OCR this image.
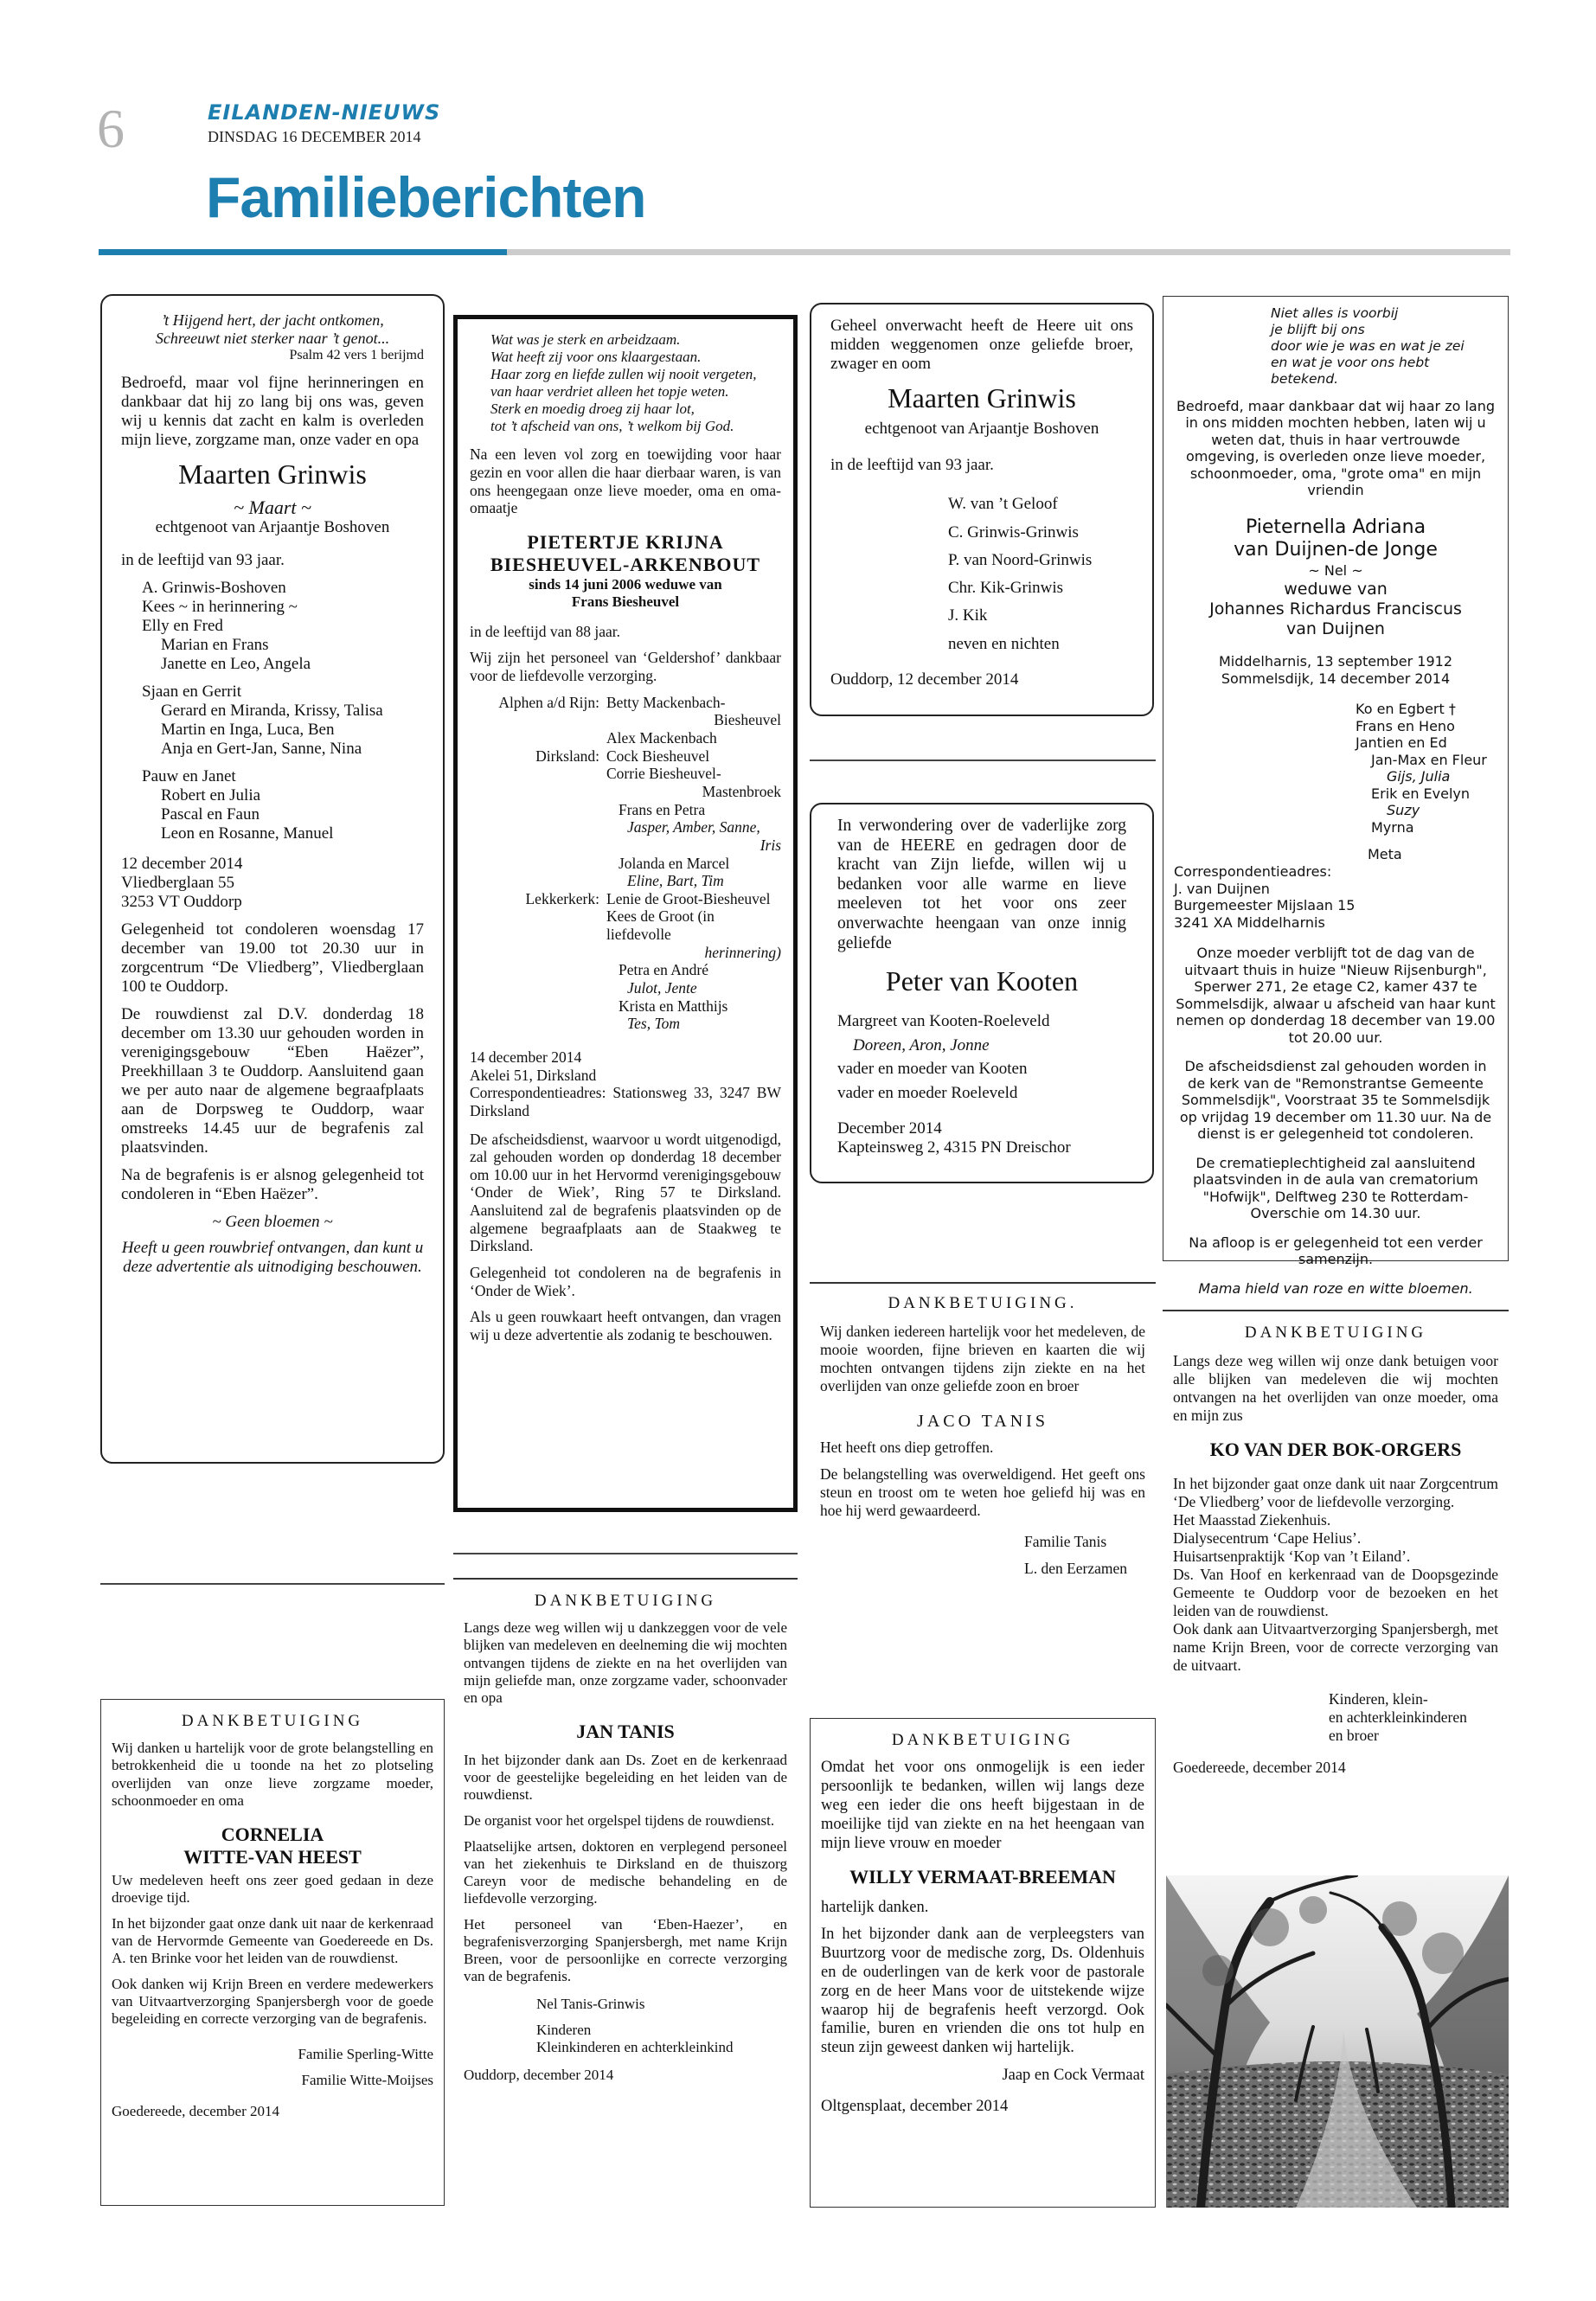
6	EILANDEN-NIEUWS
DINSDAG 16 DECEMBER 2014
Familieberichten
’t Hijgend hert, der jacht ontkomen,
Schreeuwt niet sterker naar ’t genot...
Psalm 42 vers 1 berijmd

Bedroefd, maar vol fijne herinneringen en dankbaar dat hij zo lang bij ons was, geven wij u kennis dat zacht en kalm is overleden mijn lieve, zorgzame man, onze vader en opa

Maarten Grinwis
~ Maart ~
echtgenoot van Arjaantje Boshoven

in de leeftijd van 93 jaar.

A. Grinwis-Boshoven
Kees ~ in herinnering ~
Elly en Fred
Marian en Frans
Janette en Leo, Angela
Sjaan en Gerrit
Gerard en Miranda, Krissy, Talisa
Martin en Inga, Luca, Ben
Anja en Gert-Jan, Sanne, Nina
Pauw en Janet
Robert en Julia
Pascal en Faun
Leon en Rosanne, Manuel
12 december 2014
Vliedberglaan 55
3253 VT Ouddorp

Gelegenheid tot condoleren woensdag 17 december van 19.00 tot 20.30 uur in zorgcentrum “De Vliedberg”, Vliedberglaan 100 te Ouddorp.

De rouwdienst zal D.V. donderdag 18 december om 13.30 uur gehouden worden in verenigingsgebouw “Eben Haëzer”, Preekhillaan 3 te Ouddorp. Aansluitend gaan we per auto naar de algemene begraafplaats aan de Dorpsweg te Ouddorp, waar omstreeks 14.45 uur de begrafenis zal plaatsvinden.

Na de begrafenis is er alsnog gelegenheid tot condoleren in “Eben Haëzer”.

~ Geen bloemen ~
Heeft u geen rouwbrief ontvangen, dan kunt u deze advertentie als uitnodiging beschouwen.
Wat was je sterk en arbeidzaam.
Wat heeft zij voor ons klaargestaan.
Haar zorg en liefde zullen wij nooit vergeten,
van haar verdriet alleen het topje weten.
Sterk en moedig droeg zij haar lot,
tot ’t afscheid van ons, ’t welkom bij God.

Na een leven vol zorg en toewijding voor haar gezin en voor allen die haar dierbaar waren, is van ons heengegaan onze lieve moeder, oma en oma-omaatje

PIETERTJE KRIJNA
BIESHEUVEL-ARKENBOUT
sinds 14 juni 2006 weduwe van
Frans Biesheuvel

in de leeftijd van 88 jaar.

Wij zijn het personeel van ‘Geldershof’ dankbaar voor de liefdevolle verzorging.

Alphen a/d Rijn: Betty Mackenbach-
Biesheuvel
Alex Mackenbach
Dirksland: Cock Biesheuvel
Corrie Biesheuvel-
Mastenbroek
Frans en Petra
Jasper, Amber, Sanne,
Iris
Jolanda en Marcel
Eline, Bart, Tim
Lekkerkerk: Lenie de Groot-Biesheuvel
Kees de Groot (in liefdevolle
herinnering)
Petra en André
Julot, Jente
Krista en Matthijs
Tes, Tom
14 december 2014
Akelei 51, Dirksland
Correspondentieadres: Stationsweg 33, 3247 BW Dirksland

De afscheidsdienst, waarvoor u wordt uitgenodigd, zal gehouden worden op donderdag 18 december om 10.00 uur in het Hervormd verenigingsgebouw ‘Onder de Wiek’, Ring 57 te Dirksland. Aansluitend zal de begrafenis plaatsvinden op de algemene begraafplaats aan de Staakweg te Dirksland.

Gelegenheid tot condoleren na de begrafenis in ‘Onder de Wiek’.

Als u geen rouwkaart heeft ontvangen, dan vragen wij u deze advertentie als zodanig te beschouwen.

Geheel onverwacht heeft de Heere uit ons midden weggenomen onze geliefde broer, zwager en oom

Maarten Grinwis
echtgenoot van Arjaantje Boshoven

in de leeftijd van 93 jaar.

W. van ’t Geloof
C. Grinwis-Grinwis
P. van Noord-Grinwis
Chr. Kik-Grinwis
J. Kik
neven en nichten
Ouddorp, 12 december 2014
Niet alles is voorbij
je blijft bij ons
door wie je was en wat je zei
en wat je voor ons hebt betekend.

Bedroefd, maar dankbaar dat wij haar zo lang in ons midden mochten hebben, laten wij u weten dat, thuis in haar vertrouwde omgeving, is overleden onze lieve moeder, schoonmoeder, oma, "grote oma" en mijn vriendin

Pieternella Adriana
van Duijnen-de Jonge
~ Nel ~
weduwe van
Johannes Richardus Franciscus
van Duijnen
Middelharnis, 13 september 1912
Sommelsdijk, 14 december 2014
Ko en Egbert †
Frans en Heno
Jantien en Ed
Jan-Max en Fleur
Gijs, Julia
Erik en Evelyn
Suzy
Myrna
Meta
Correspondentieadres:
J. van Duijnen
Burgemeester Mijslaan 15
3241 XA Middelharnis

Onze moeder verblijft tot de dag van de uitvaart thuis in huize "Nieuw Rijsenburgh", Sperwer 271, 2e etage C2, kamer 437 te Sommelsdijk, alwaar u afscheid van haar kunt nemen op donderdag 18 december van 19.00 tot 20.00 uur.

De afscheidsdienst zal gehouden worden in de kerk van de "Remonstrantse Gemeente Sommelsdijk", Voorstraat 35 te Sommelsdijk op vrijdag 19 december om 11.30 uur. Na de dienst is er gelegenheid tot condoleren.

De crematieplechtigheid zal aansluitend plaatsvinden in de aula van crematorium "Hofwijk", Delftweg 230 te Rotterdam-Overschie om 14.30 uur.

Na afloop is er gelegenheid tot een verder samenzijn.

Mama hield van roze en witte bloemen.

In verwondering over de vaderlijke zorg van de HEERE en gedragen door de kracht van Zijn liefde, willen wij u bedanken voor alle warme en lieve meeleven tot het voor ons zeer onverwachte heengaan van onze innig geliefde

Peter van Kooten
Margreet van Kooten-Roeleveld
Doreen, Aron, Jonne
vader en moeder van Kooten
vader en moeder Roeleveld
December 2014
Kapteinsweg 2, 4315 PN Dreischor
DANKBETUIGING.

Wij danken iedereen hartelijk voor het medeleven, de mooie woorden, fijne brieven en kaarten die wij mochten ontvangen tijdens zijn ziekte en na het overlijden van onze geliefde zoon en broer

JACO TANIS

Het heeft ons diep getroffen.

De belangstelling was overweldigend. Het geeft ons steun en troost om te weten hoe geliefd hij was en hoe hij werd gewaardeerd.

Familie Tanis
L. den Eerzamen
DANKBETUIGING

Langs deze weg willen wij onze dank betuigen voor alle blijken van medeleven die wij mochten ontvangen na het overlijden van onze moeder, oma en mijn zus

KO VAN DER BOK-ORGERS
In het bijzonder gaat onze dank uit naar Zorgcentrum ‘De Vliedberg’ voor de liefdevolle verzorging.
Het Maasstad Ziekenhuis.
Dialysecentrum ‘Cape Helius’.
Huisartsenpraktijk ‘Kop van ’t Eiland’.
Ds. Van Hoof en kerkenraad van de Doopsgezinde Gemeente te Ouddorp voor de bezoeken en het leiden van de rouwdienst.
Ook dank aan Uitvaartverzorging Spanjersbergh, met name Krijn Breen, voor de correcte verzorging van de uitvaart.
Kinderen, klein-
en achterkleinkinderen
en broer
Goedereede, december 2014
DANKBETUIGING

Wij danken u hartelijk voor de grote belangstelling en betrokkenheid die u toonde na het zo plotseling overlijden van onze lieve zorgzame moeder, schoonmoeder en oma

CORNELIA
WITTE-VAN HEEST

Uw medeleven heeft ons zeer goed gedaan in deze droevige tijd.

In het bijzonder gaat onze dank uit naar de kerkenraad van de Hervormde Gemeente van Goedereede en Ds. A. ten Brinke voor het leiden van de rouwdienst.

Ook danken wij Krijn Breen en verdere medewerkers van Uitvaartverzorging Spanjersbergh voor de goede begeleiding en correcte verzorging van de begrafenis.

Familie Sperling-Witte
Familie Witte-Moijses
Goedereede, december 2014
DANKBETUIGING

Langs deze weg willen wij u dankzeggen voor de vele blijken van medeleven en deelneming die wij mochten ontvangen tijdens de ziekte en na het overlijden van mijn geliefde man, onze zorgzame vader, schoonvader en opa

JAN TANIS

In het bijzonder dank aan Ds. Zoet en de kerkenraad voor de geestelijke begeleiding en het leiden van de rouwdienst.

De organist voor het orgelspel tijdens de rouwdienst.

Plaatselijke artsen, doktoren en verplegend personeel van het ziekenhuis te Dirksland en de thuiszorg Careyn voor de medische behandeling en de liefdevolle verzorging.

Het personeel van ‘Eben-Haezer’, en begrafenisverzorging Spanjersbergh, met name Krijn Breen, voor de persoonlijke en correcte verzorging van de begrafenis.

Nel Tanis-Grinwis
Kinderen
Kleinkinderen en achterkleinkind
Ouddorp, december 2014
DANKBETUIGING

Omdat het voor ons onmogelijk is een ieder persoonlijk te bedanken, willen wij langs deze weg een ieder die ons heeft bijgestaan in de moeilijke tijd van ziekte en na het heengaan van mijn lieve vrouw en moeder

WILLY VERMAAT-BREEMAN

hartelijk danken.

In het bijzonder dank aan de verpleegsters van Buurtzorg voor de medische zorg, Ds. Oldenhuis en de ouderlingen van de kerk voor de pastorale zorg en de heer Mans voor de uitstekende wijze waarop hij de begrafenis heeft verzorgd. Ook familie, buren en vrienden die ons tot hulp en steun zijn geweest danken wij hartelijk.

Jaap en Cock Vermaat
Oltgensplaat, december 2014
